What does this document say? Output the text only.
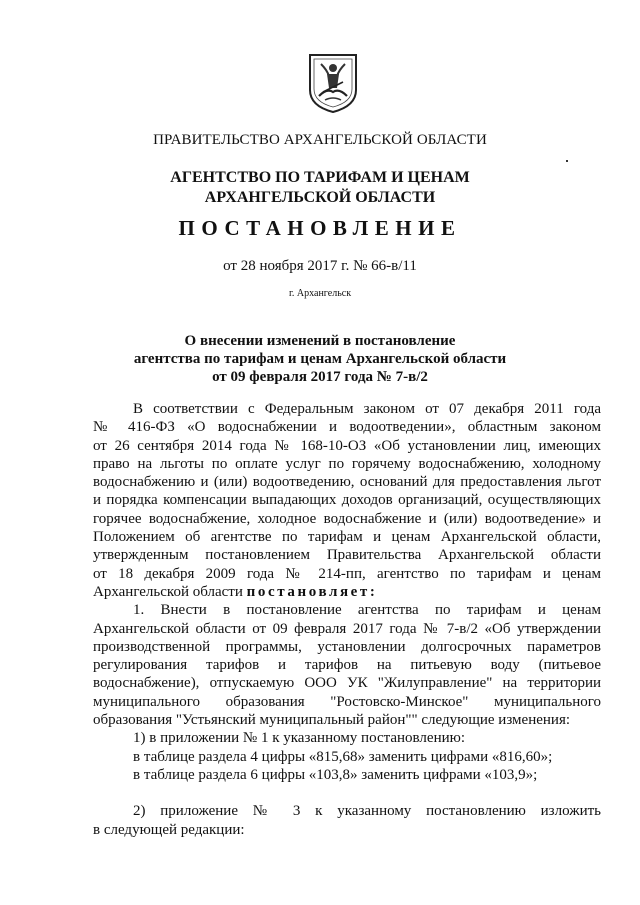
ПРАВИТЕЛЬСТВО АРХАНГЕЛЬСКОЙ ОБЛАСТИ
АГЕНТСТВО ПО ТАРИФАМ И ЦЕНАМ
АРХАНГЕЛЬСКОЙ ОБЛАСТИ
ПОСТАНОВЛЕНИЕ
от 28 ноября 2017 г. № 66-в/11
г. Архангельск
О внесении изменений в постановление
агентства по тарифам и ценам Архангельской области
от 09 февраля 2017 года № 7-в/2
В соответствии с Федеральным законом от 07 декабря 2011 года
№ 416-ФЗ «О водоснабжении и водоотведении», областным законом
от 26 сентября 2014 года № 168-10-ОЗ «Об установлении лиц, имеющих
право на льготы по оплате услуг по горячему водоснабжению, холодному
водоснабжению и (или) водоотведению, оснований для предоставления льгот
и порядка компенсации выпадающих доходов организаций, осуществляющих
горячее водоснабжение, холодное водоснабжение и (или) водоотведение» и
Положением об агентстве по тарифам и ценам Архангельской области,
утвержденным постановлением Правительства Архангельской области
от 18 декабря 2009 года № 214-пп, агентство по тарифам и ценам
Архангельской области постановляет:
1. Внести в постановление агентства по тарифам и ценам
Архангельской области от 09 февраля 2017 года № 7-в/2 «Об утверждении
производственной программы, установлении долгосрочных параметров
регулирования тарифов и тарифов на питьевую воду (питьевое
водоснабжение), отпускаемую ООО УК "Жилуправление" на территории
муниципального образования "Ростовско-Минское" муниципального
образования "Устьянский муниципальный район"" следующие изменения:
1) в приложении № 1 к указанному постановлению:
в таблице раздела 4 цифры «815,68» заменить цифрами «816,60»;
в таблице раздела 6 цифры «103,8» заменить цифрами «103,9»;
2) приложение № 3 к указанному постановлению изложить
в следующей редакции:
